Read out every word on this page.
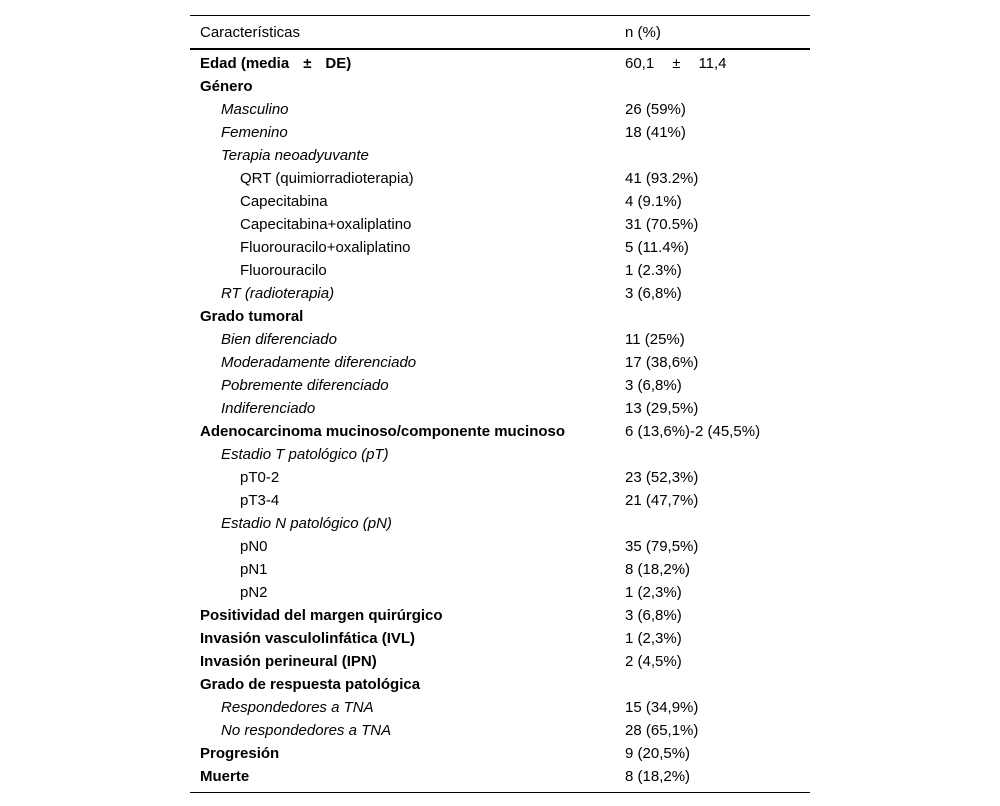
Características	n (%)
Edad (media ± DE)	60,1 ± 11,4
Género
Masculino	26 (59%)
Femenino	18 (41%)
Terapia neoadyuvante
QRT (quimiorradioterapia)	41 (93.2%)
Capecitabina	4 (9.1%)
Capecitabina+oxaliplatino	31 (70.5%)
Fluorouracilo+oxaliplatino	5 (11.4%)
Fluorouracilo	1 (2.3%)
RT (radioterapia)	3 (6,8%)
Grado tumoral
Bien diferenciado	11 (25%)
Moderadamente diferenciado	17 (38,6%)
Pobremente diferenciado	3 (6,8%)
Indiferenciado	13 (29,5%)
Adenocarcinoma mucinoso/componente mucinoso	6 (13,6%)-2 (45,5%)
Estadio T patológico (pT)
pT0-2	23 (52,3%)
pT3-4	21 (47,7%)
Estadio N patológico (pN)
pN0	35 (79,5%)
pN1	8 (18,2%)
pN2	1 (2,3%)
Positividad del margen quirúrgico	3 (6,8%)
Invasión vasculolinfática (IVL)	1 (2,3%)
Invasión perineural (IPN)	2 (4,5%)
Grado de respuesta patológica
Respondedores a TNA	15 (34,9%)
No respondedores a TNA	28 (65,1%)
Progresión	9 (20,5%)
Muerte	8 (18,2%)
